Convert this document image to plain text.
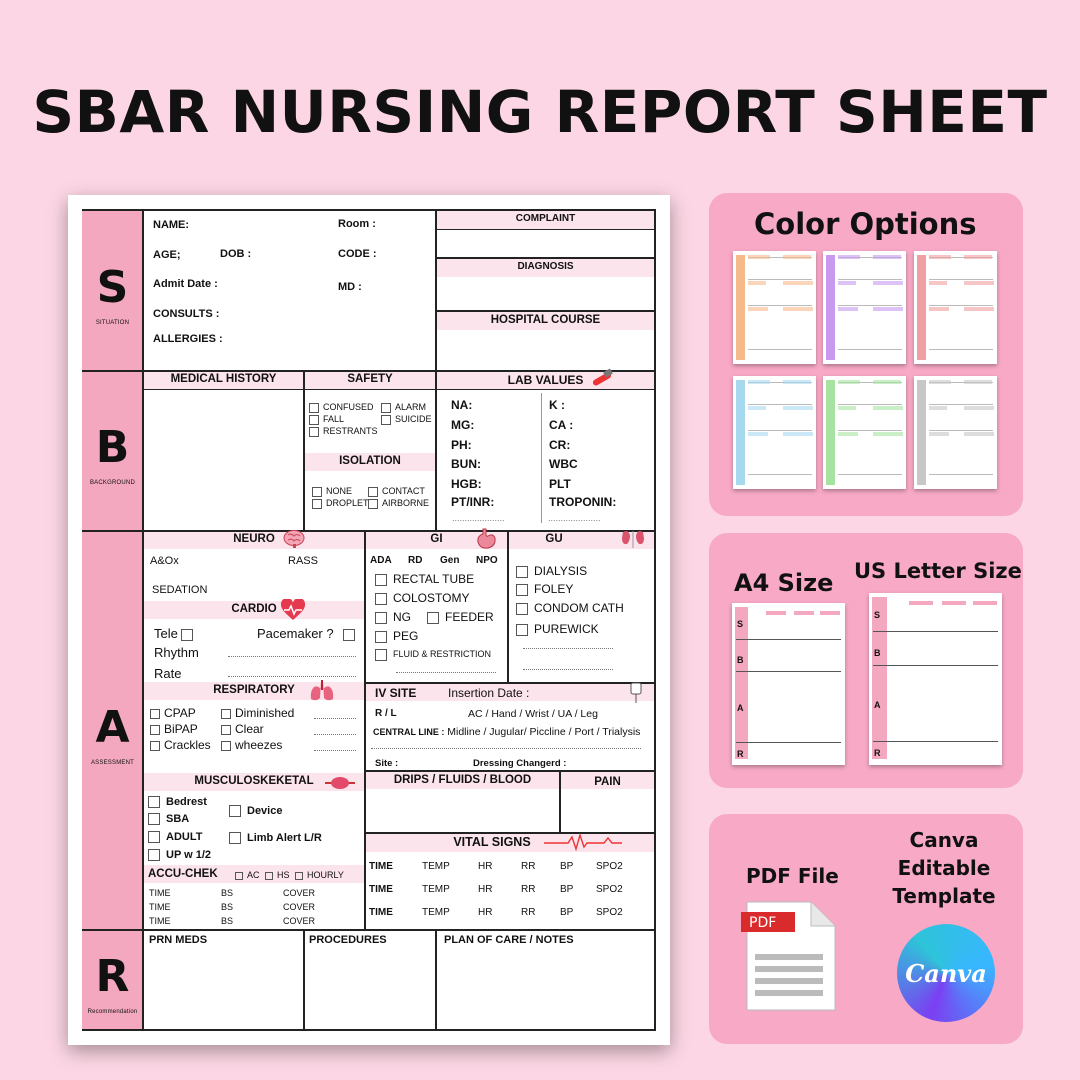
SBAR NURSING REPORT SHEET
S
SITUATION
B
BACKGROUND
A
ASSESSMENT
R
Recommendation
NAME:	Room :
AGE;	DOB :	CODE :
Admit Date :	MD :
CONSULTS :
ALLERGIES :
COMPLAINT
DIAGNOSIS
HOSPITAL COURSE
MEDICAL HISTORY	SAFETY
CONFUSED	ALARM
FALL	SUICIDE
RESTRANTS
ISOLATION
NONE	CONTACT
DROPLET	AIRBORNE
LAB VALUES
NA:
MG:
PH:
BUN:
HGB:
PT/INR:
K :
CA :
CR:
WBC
PLT
TROPONIN:
.....................	.....................
NEURO
A&Ox	RASS
SEDATION
CARDIO
Tele	Pacemaker ?
Rhythm
Rate
RESPIRATORY
CPAP	Diminished
BiPAP	Clear
Crackles	wheezes
MUSCULOSKEKETAL
Bedrest
Device
SBA
ADULT	Limb Alert L/R
UP w 1/2
ACCU-CHEK	AC	HS	HOURLY
TIME	BS	COVER
TIME	BS	COVER
TIME	BS	COVER
GI
ADA RD Gen NPO
RECTAL TUBE
COLOSTOMY
NG	FEEDER
PEG
FLUID & RESTRICTION
GU
DIALYSIS
FOLEY
CONDOM CATH
PUREWICK
IV SITE	Insertion Date :
R / L	AC / Hand / Wrist / UA / Leg
CENTRAL LINE : Midline / Jugular/ Piccline / Port / Trialysis
Site :	Dressing Changerd :
DRIPS / FLUIDS / BLOOD	PAIN
VITAL SIGNS
TIME	TEMP	HR	RR BP SPO2
TIME	TEMP	HR	RR BP SPO2
TIME	TEMP	HR	RR BP SPO2
PRN MEDS	PROCEDURES	PLAN OF CARE / NOTES
Color Options
A4 Size US Letter Size
S
B
A
R
S
B
A
R
PDF File
PDF
Canva Editable Template
Canva
